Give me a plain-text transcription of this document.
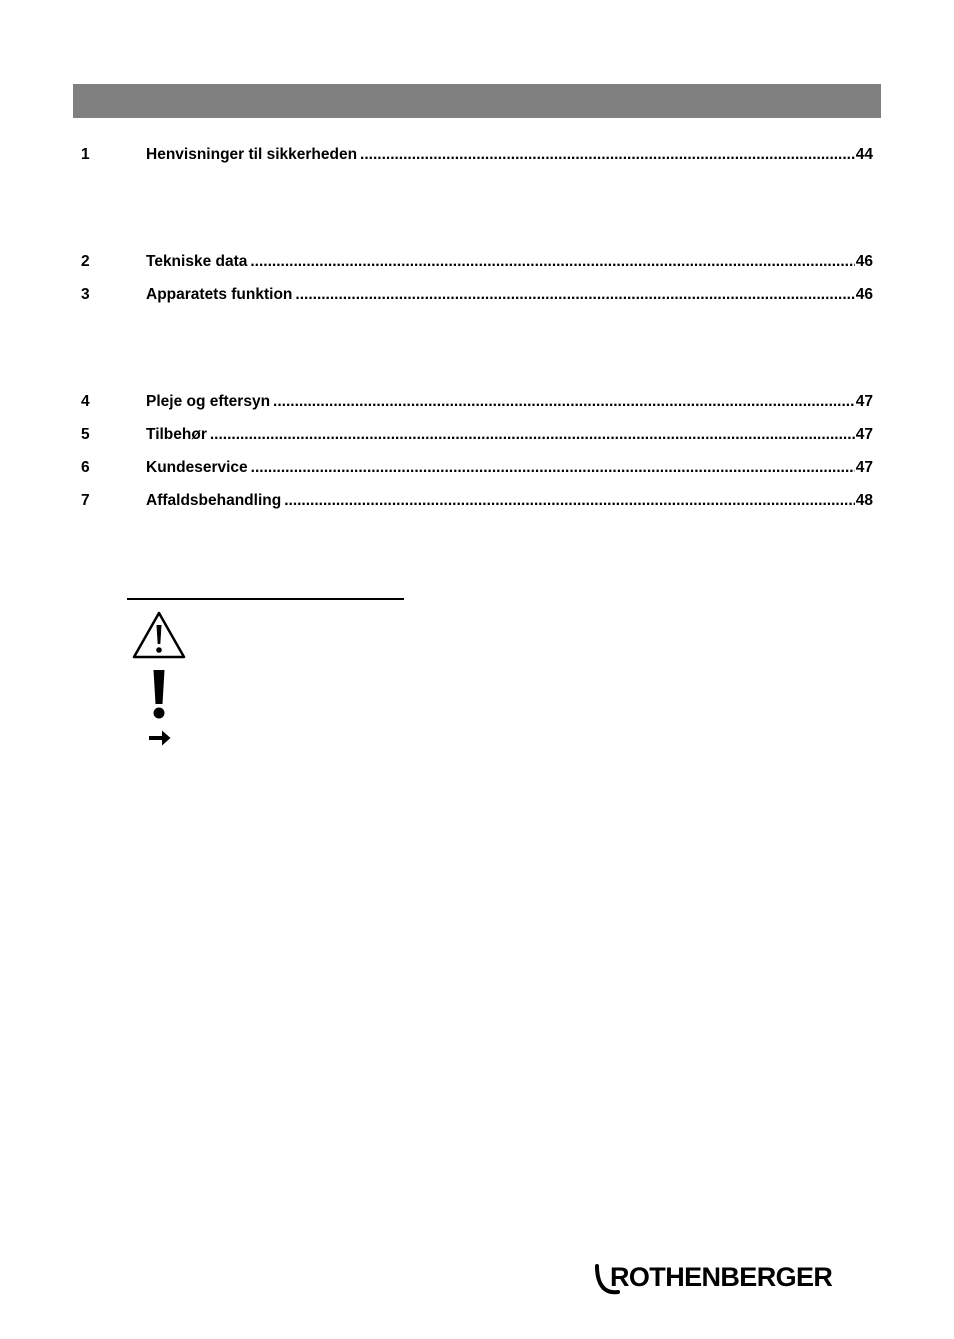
1	Henvisninger til sikkerheden .....	44
2	Tekniske data .....	46
3	Apparatets funktion .....	46
4	Pleje og eftersyn .....	47
5	Tilbehør .....	47
6	Kundeservice .....	47
7	Affaldsbehandling .....	48
ROTHENBERGER
